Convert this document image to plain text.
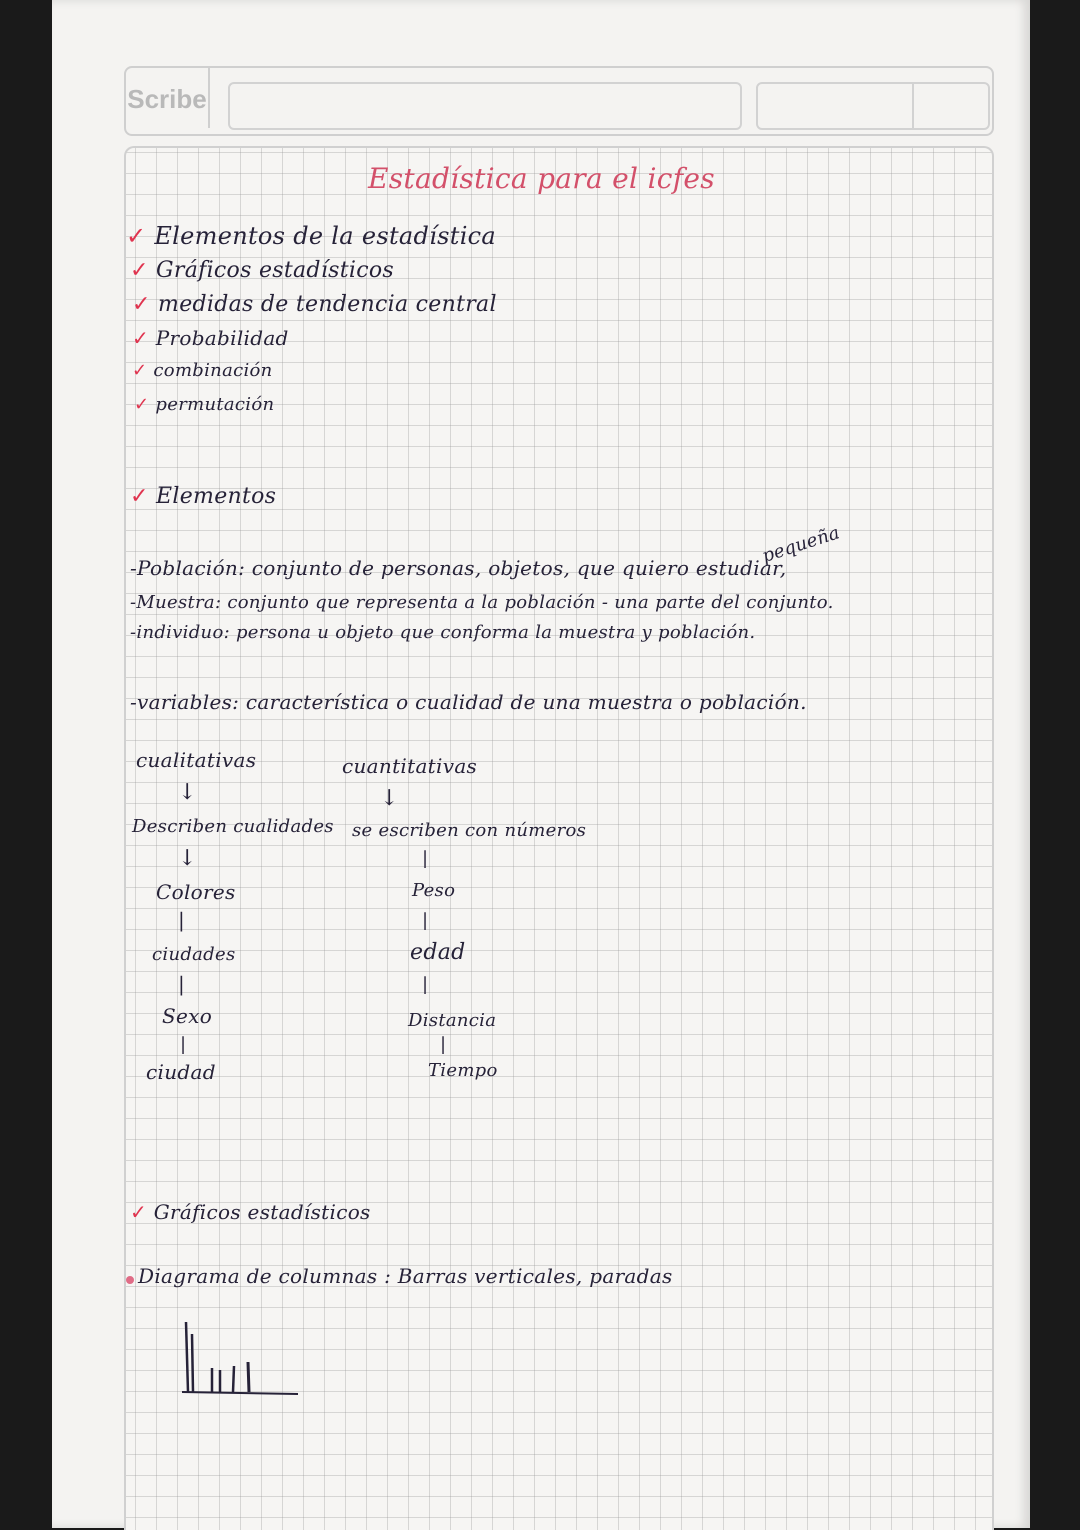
Scribe
Estadística para el icfes
✓ Elementos de la estadística
✓ Gráficos estadísticos
✓ medidas de tendencia central
✓ Probabilidad
✓ combinación
✓ permutación
✓ Elementos
-Población: conjunto de personas, objetos, que quiero estudiar,
pequeña
-Muestra: conjunto que representa a la población - una parte del conjunto.
-individuo: persona u objeto que conforma la muestra y población.
-variables: característica o cualidad de una muestra o población.
cualitativas
↓
Describen cualidades
↓
Colores
|
ciudades
|
Sexo
|
ciudad
cuantitativas
↓
se escriben con números
|
Peso
|
edad
|
Distancia
|
Tiempo
✓ Gráficos estadísticos
Diagrama de columnas : Barras verticales, paradas
